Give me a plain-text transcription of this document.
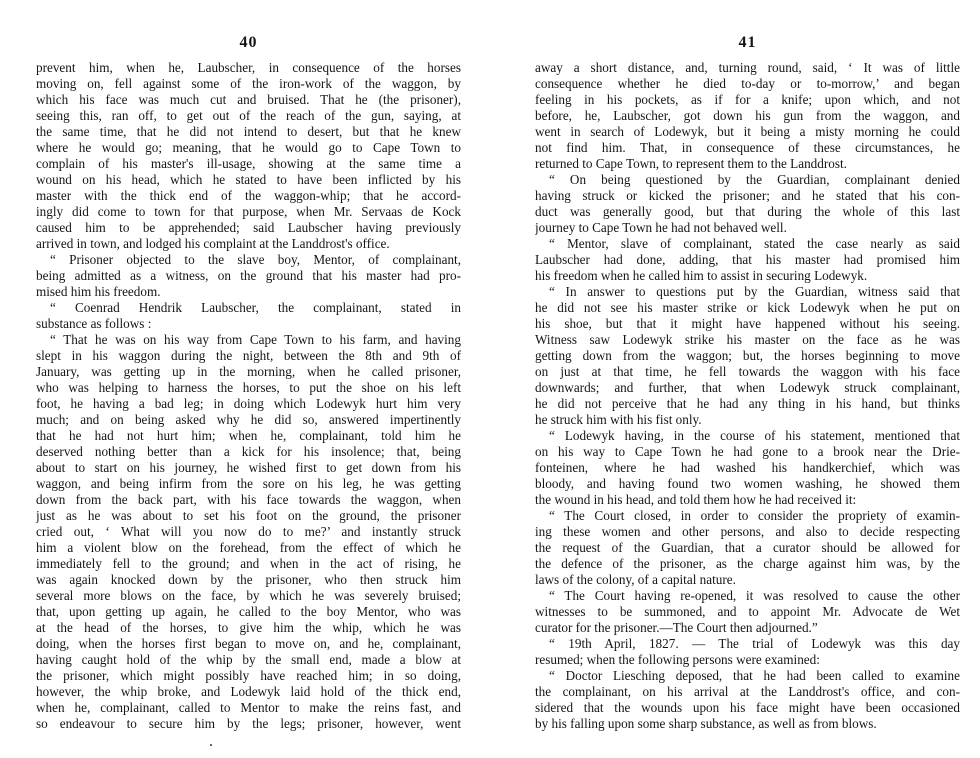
40
prevent him, when he, Laubscher, in consequence of the horses
moving on, fell against some of the iron-work of the waggon, by
which his face was much cut and bruised. That he (the prisoner),
seeing this, ran off, to get out of the reach of the gun, saying, at
the same time, that he did not intend to desert, but that he knew
where he would go; meaning, that he would go to Cape Town to
complain of his master's ill-usage, showing at the same time a
wound on his head, which he stated to have been inflicted by his
master with the thick end of the waggon-whip; that he accord-
ingly did come to town for that purpose, when Mr. Servaas de Kock
caused him to be apprehended; said Laubscher having previously
arrived in town, and lodged his complaint at the Landdrost's office.
“ Prisoner objected to the slave boy, Mentor, of complainant,
being admitted as a witness, on the ground that his master had pro-
mised him his freedom.
“ Coenrad Hendrik Laubscher, the complainant, stated in
substance as follows :
“ That he was on his way from Cape Town to his farm, and having
slept in his waggon during the night, between the 8th and 9th of
January, was getting up in the morning, when he called prisoner,
who was helping to harness the horses, to put the shoe on his left
foot, he having a bad leg; in doing which Lodewyk hurt him very
much; and on being asked why he did so, answered impertinently
that he had not hurt him; when he, complainant, told him he
deserved nothing better than a kick for his insolence; that, being
about to start on his journey, he wished first to get down from his
waggon, and being infirm from the sore on his leg, he was getting
down from the back part, with his face towards the waggon, when
just as he was about to set his foot on the ground, the prisoner
cried out, ‘ What will you now do to me?’ and instantly struck
him a violent blow on the forehead, from the effect of which he
immediately fell to the ground; and when in the act of rising, he
was again knocked down by the prisoner, who then struck him
several more blows on the face, by which he was severely bruised;
that, upon getting up again, he called to the boy Mentor, who was
at the head of the horses, to give him the whip, which he was
doing, when the horses first began to move on, and he, complainant,
having caught hold of the whip by the small end, made a blow at
the prisoner, which might possibly have reached him; in so doing,
however, the whip broke, and Lodewyk laid hold of the thick end,
when he, complainant, called to Mentor to make the reins fast, and
so endeavour to secure him by the legs; prisoner, however, went
41
away a short distance, and, turning round, said, ‘ It was of little
consequence whether he died to-day or to-morrow,’ and began
feeling in his pockets, as if for a knife; upon which, and not
before, he, Laubscher, got down his gun from the waggon, and
went in search of Lodewyk, but it being a misty morning he could
not find him. That, in consequence of these circumstances, he
returned to Cape Town, to represent them to the Landdrost.
“ On being questioned by the Guardian, complainant denied
having struck or kicked the prisoner; and he stated that his con-
duct was generally good, but that during the whole of this last
journey to Cape Town he had not behaved well.
“ Mentor, slave of complainant, stated the case nearly as said
Laubscher had done, adding, that his master had promised him
his freedom when he called him to assist in securing Lodewyk.
“ In answer to questions put by the Guardian, witness said that
he did not see his master strike or kick Lodewyk when he put on
his shoe, but that it might have happened without his seeing.
Witness saw Lodewyk strike his master on the face as he was
getting down from the waggon; but, the horses beginning to move
on just at that time, he fell towards the waggon with his face
downwards; and further, that when Lodewyk struck complainant,
he did not perceive that he had any thing in his hand, but thinks
he struck him with his fist only.
“ Lodewyk having, in the course of his statement, mentioned that
on his way to Cape Town he had gone to a brook near the Drie-
fonteinen, where he had washed his handkerchief, which was
bloody, and having found two women washing, he showed them
the wound in his head, and told them how he had received it:
“ The Court closed, in order to consider the propriety of examin-
ing these women and other persons, and also to decide respecting
the request of the Guardian, that a curator should be allowed for
the defence of the prisoner, as the charge against him was, by the
laws of the colony, of a capital nature.
“ The Court having re-opened, it was resolved to cause the other
witnesses to be summoned, and to appoint Mr. Advocate de Wet
curator for the prisoner.—The Court then adjourned.”
“ 19th April, 1827. — The trial of Lodewyk was this day
resumed; when the following persons were examined:
“ Doctor Liesching deposed, that he had been called to examine
the complainant, on his arrival at the Landdrost's office, and con-
sidered that the wounds upon his face might have been occasioned
by his falling upon some sharp substance, as well as from blows.
